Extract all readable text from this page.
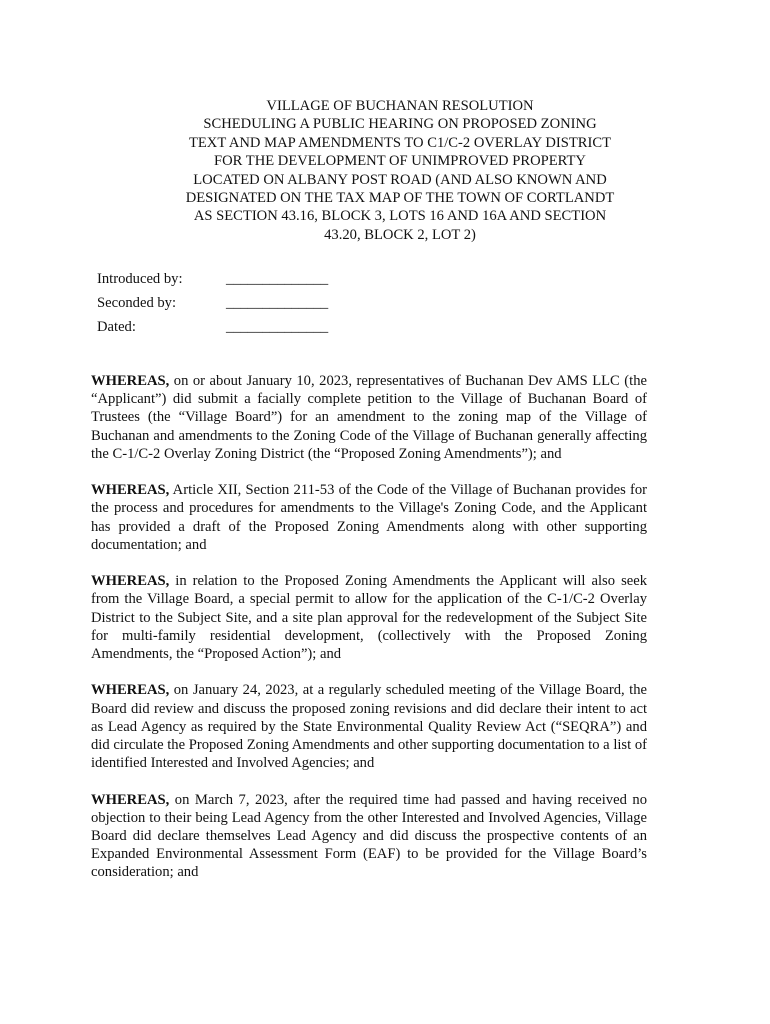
VILLAGE OF BUCHANAN RESOLUTION
SCHEDULING A PUBLIC HEARING ON PROPOSED ZONING
TEXT AND MAP AMENDMENTS TO C1/C-2 OVERLAY DISTRICT
FOR THE DEVELOPMENT OF UNIMPROVED PROPERTY
LOCATED ON ALBANY POST ROAD (AND ALSO KNOWN AND
DESIGNATED ON THE TAX MAP OF THE TOWN OF CORTLANDT
AS SECTION 43.16, BLOCK 3, LOTS 16 AND 16A AND SECTION
43.20, BLOCK 2, LOT 2)
Introduced by:	______________
Seconded by:	______________
Dated:	______________

WHEREAS, on or about January 10, 2023, representatives of Buchanan Dev AMS LLC (the “Applicant”) did submit a facially complete petition to the Village of Buchanan Board of Trustees (the “Village Board”) for an amendment to the zoning map of the Village of Buchanan and amendments to the Zoning Code of the Village of Buchanan generally affecting the C-1/C-2 Overlay Zoning District (the “Proposed Zoning Amendments”); and

WHEREAS, Article XII, Section 211-53 of the Code of the Village of Buchanan provides for the process and procedures for amendments to the Village's Zoning Code, and the Applicant has provided a draft of the Proposed Zoning Amendments along with other supporting documentation; and

WHEREAS, in relation to the Proposed Zoning Amendments the Applicant will also seek from the Village Board, a special permit to allow for the application of the C-1/C-2 Overlay District to the Subject Site, and a site plan approval for the redevelopment of the Subject Site for multi-family residential development, (collectively with the Proposed Zoning Amendments, the “Proposed Action”); and

WHEREAS, on January 24, 2023, at a regularly scheduled meeting of the Village Board, the Board did review and discuss the proposed zoning revisions and did declare their intent to act as Lead Agency as required by the State Environmental Quality Review Act (“SEQRA”) and did circulate the Proposed Zoning Amendments and other supporting documentation to a list of identified Interested and Involved Agencies; and

WHEREAS, on March 7, 2023, after the required time had passed and having received no objection to their being Lead Agency from the other Interested and Involved Agencies, Village Board did declare themselves Lead Agency and did discuss the prospective contents of an Expanded Environmental Assessment Form (EAF) to be provided for the Village Board’s consideration; and
